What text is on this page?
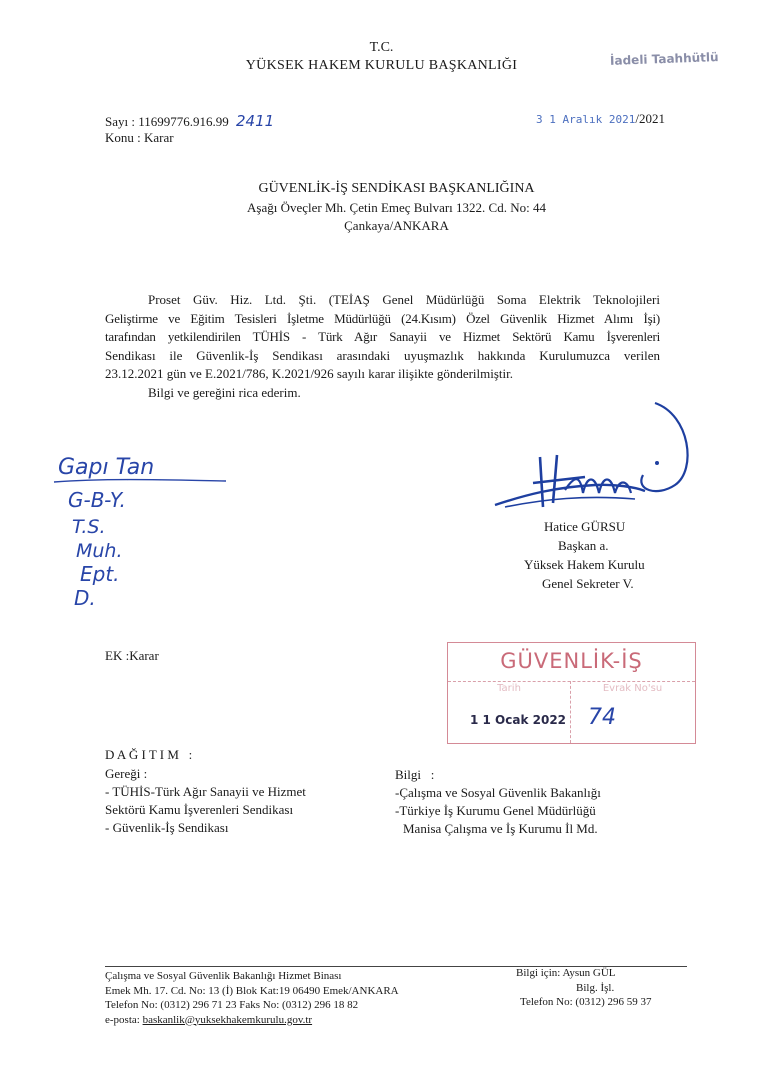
T.C.
YÜKSEK HAKEM KURULU BAŞKANLIĞI	İadeli Taahhütlü
Sayı : 11699776.916.99 2411
Konu : Karar
3 1 Aralık 2021/2021
GÜVENLİK-İŞ SENDİKASI BAŞKANLIĞINA
Aşağı Öveçler Mh. Çetin Emeç Bulvarı 1322. Cd. No: 44
Çankaya/ANKARA
Proset Güv. Hiz. Ltd. Şti. (TEİAŞ Genel Müdürlüğü Soma Elektrik Teknolojileri
Geliştirme ve Eğitim Tesisleri İşletme Müdürlüğü (24.Kısım) Özel Güvenlik Hizmet Alımı İşi)
tarafından yetkilendirilen TÜHİS - Türk Ağır Sanayii ve Hizmet Sektörü Kamu İşverenleri
Sendikası ile Güvenlik-İş Sendikası arasındaki uyuşmazlık hakkında Kurulumuzca verilen
23.12.2021 gün ve E.2021/786, K.2021/926 sayılı karar ilişikte gönderilmiştir.
Bilgi ve gereğini rica ederim.
Gapı Tan
G-B-Y.
T.S.
Muh.
Ept.
D.
Hatice GÜRSU
Başkan a.
Yüksek Hakem Kurulu
Genel Sekreter V.
EK :Karar	GÜVENLİK-İŞ
Tarih	Evrak No'su
1 1 Ocak 2022 74
D A Ğ I T I M   :
Gereği :
- TÜHİS-Türk Ağır Sanayii ve Hizmet
Sektörü Kamu İşverenleri Sendikası
- Güvenlik-İş Sendikası
Bilgi   :
-Çalışma ve Sosyal Güvenlik Bakanlığı
-Türkiye İş Kurumu Genel Müdürlüğü
Manisa Çalışma ve İş Kurumu İl Md.
Çalışma ve Sosyal Güvenlik Bakanlığı Hizmet Binası
Emek Mh. 17. Cd. No: 13 (İ) Blok Kat:19 06490 Emek/ANKARA
Telefon No: (0312) 296 71 23 Faks No: (0312) 296 18 82
e-posta: baskanlik@yuksekhakemkurulu.gov.tr
Bilgi için: Aysun GÜL
Bilg. İşl.
Telefon No: (0312) 296 59 37
